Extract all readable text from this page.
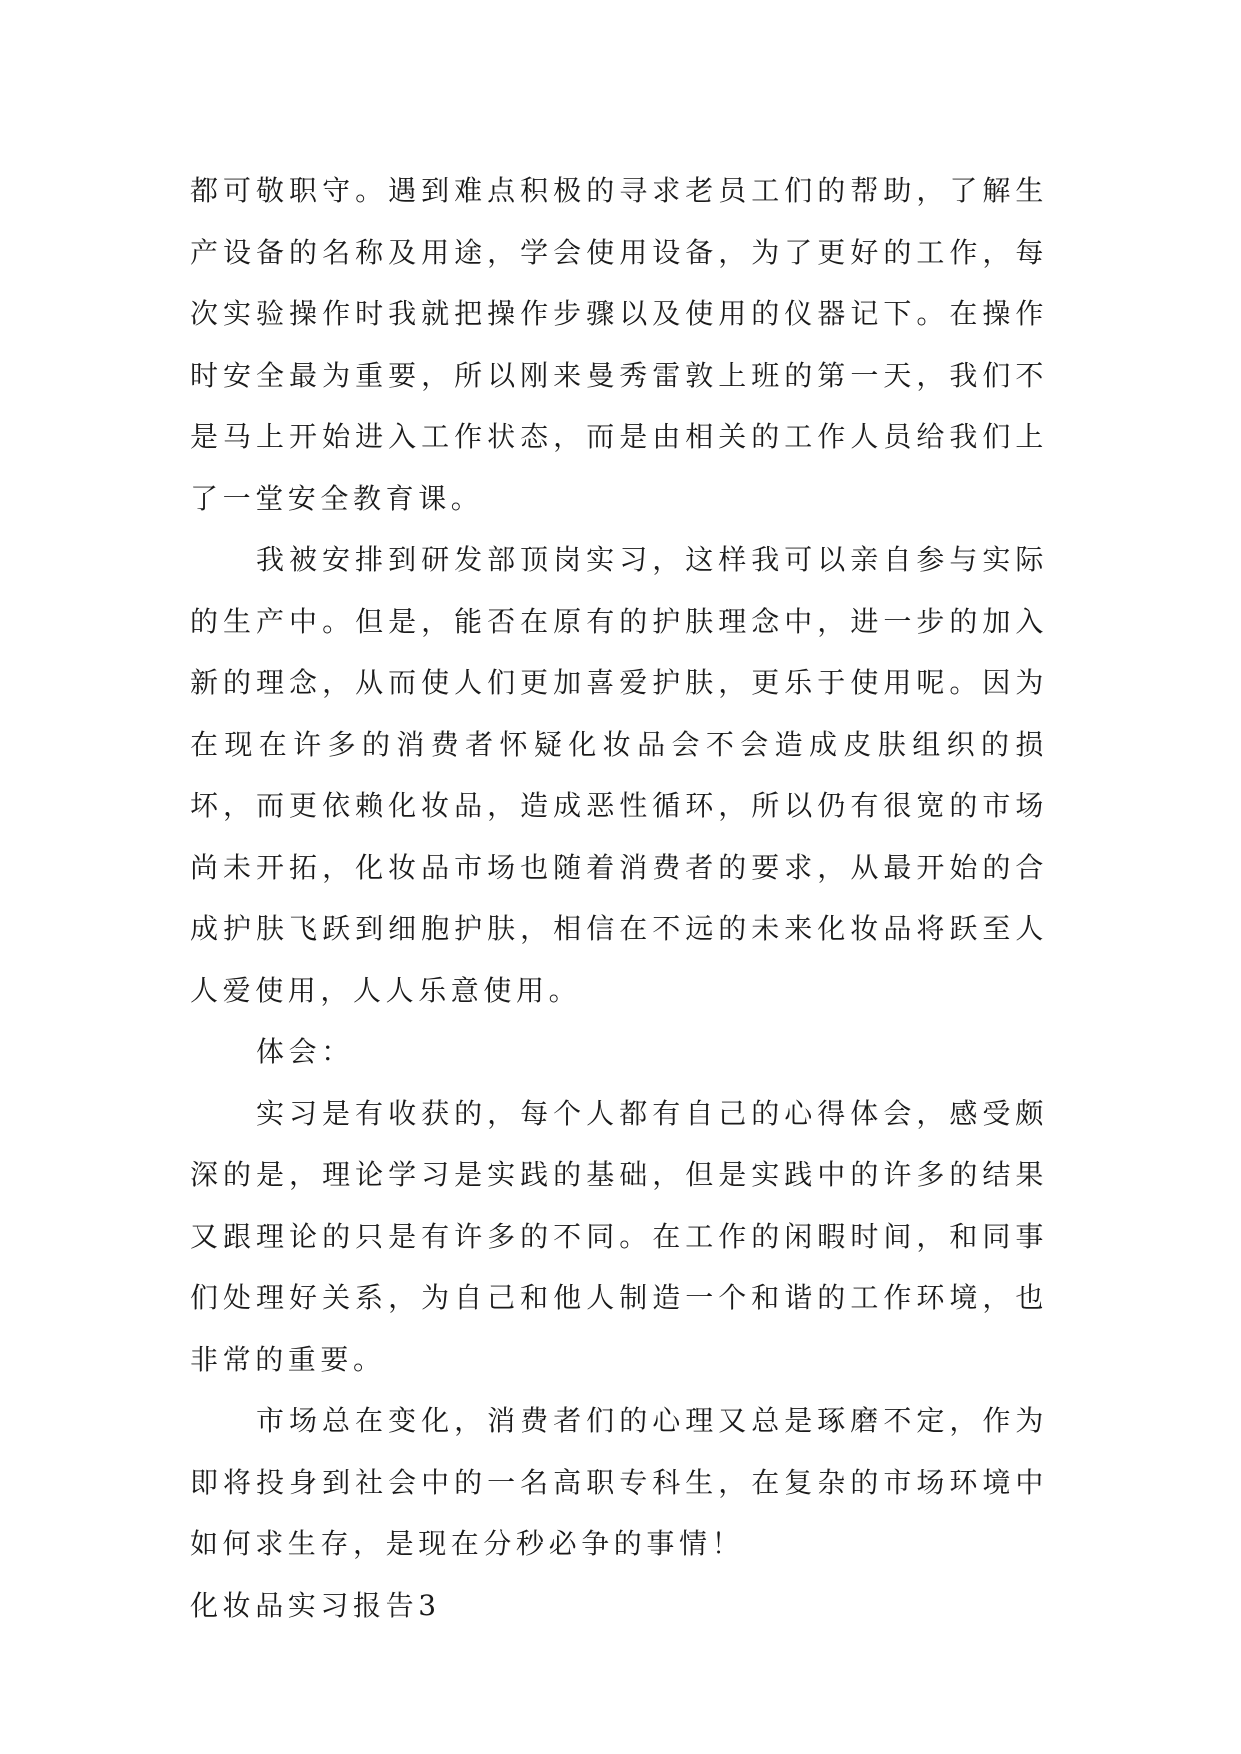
都可敬职守。遇到难点积极的寻求老员工们的帮助，了解生产设备的名称及用途，学会使用设备，为了更好的工作，每次实验操作时我就把操作步骤以及使用的仪器记下。在操作时安全最为重要，所以刚来曼秀雷敦上班的第一天，我们不是马上开始进入工作状态，而是由相关的工作人员给我们上了一堂安全教育课。

我被安排到研发部顶岗实习，这样我可以亲自参与实际的生产中。但是，能否在原有的护肤理念中，进一步的加入新的理念，从而使人们更加喜爱护肤，更乐于使用呢。因为在现在许多的消费者怀疑化妆品会不会造成皮肤组织的损坏，而更依赖化妆品，造成恶性循环，所以仍有很宽的市场尚未开拓，化妆品市场也随着消费者的要求，从最开始的合成护肤飞跃到细胞护肤，相信在不远的未来化妆品将跃至人人爱使用，人人乐意使用。

体会：

实习是有收获的，每个人都有自己的心得体会，感受颇深的是，理论学习是实践的基础，但是实践中的许多的结果又跟理论的只是有许多的不同。在工作的闲暇时间，和同事们处理好关系，为自己和他人制造一个和谐的工作环境，也非常的重要。

市场总在变化，消费者们的心理又总是琢磨不定，作为即将投身到社会中的一名高职专科生，在复杂的市场环境中如何求生存，是现在分秒必争的事情！

化妆品实习报告3
